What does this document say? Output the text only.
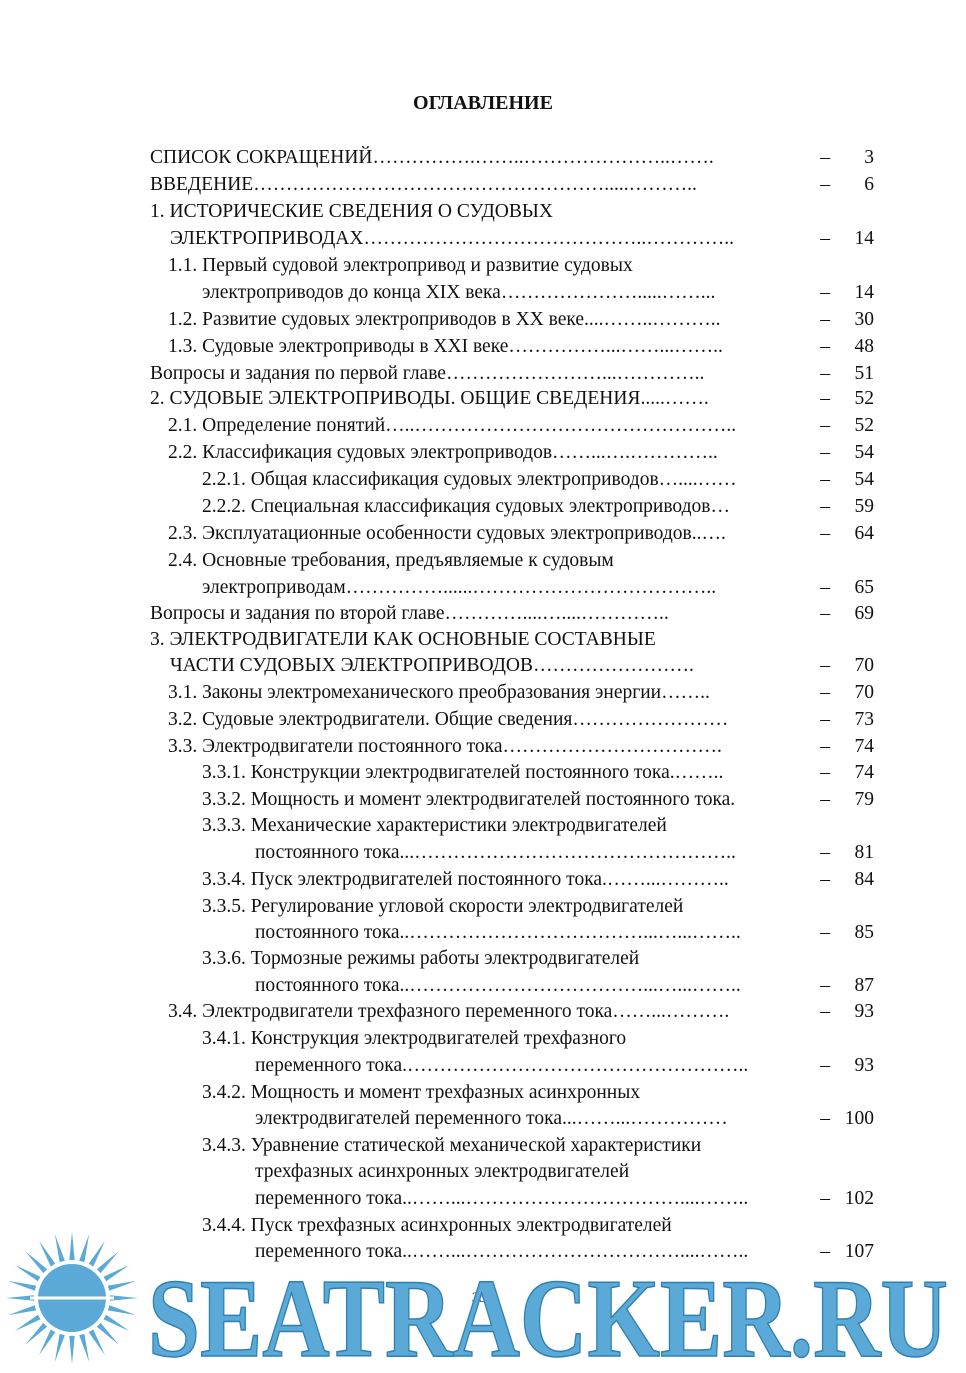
ОГЛАВЛЕНИЕ
СПИСОК СОКРАЩЕНИЙ…………….……..…………………..…….	–	3
ВВЕДЕНИЕ……………………………………………….....………..	–	6
1. ИСТОРИЧЕСКИЕ СВЕДЕНИЯ О СУДОВЫХ
ЭЛЕКТРОПРИВОДАХ……………………………………..…………..	–	14
1.1. Первый судовой электропривод и развитие судовых
электроприводов до конца XIX века………………….....……...	–	14
1.2. Развитие судовых электроприводов в XX веке....……..………..	–	30
1.3. Судовые электроприводы в XXI веке……………...……...……..	–	48
Вопросы и задания по первой главе……………………...…………..	–	51
2. СУДОВЫЕ ЭЛЕКТРОПРИВОДЫ. ОБЩИЕ СВЕДЕНИЯ.....…….	–	52
2.1. Определение понятий…..…………………………………………..	–	52
2.2. Классификация судовых электроприводов……...….…………..	–	54
2.2.1. Общая классификация судовых электроприводов…....……	–	54
2.2.2. Специальная классификация судовых электроприводов…	–	59
2.3. Эксплуатационные особенности судовых электроприводов..….	–	64
2.4. Основные требования, предъявляемые к судовым
электроприводам……………......………………………………..	–	65
Вопросы и задания по второй главе…………....…....…………..	–	69
3. ЭЛЕКТРОДВИГАТЕЛИ КАК ОСНОВНЫЕ СОСТАВНЫЕ
ЧАСТИ СУДОВЫХ ЭЛЕКТРОПРИВОДОВ…………………….	–	70
3.1. Законы электромеханического преобразования энергии……..	–	70
3.2. Судовые электродвигатели. Общие сведения……………………	–	73
3.3. Электродвигатели постоянного тока…………………………….	–	74
3.3.1. Конструкции электродвигателей постоянного тока.……..	–	74
3.3.2. Мощность и момент электродвигателей постоянного тока.	–	79
3.3.3. Механические характеристики электродвигателей
постоянного тока...…………………………………………..	–	81
3.3.4. Пуск электродвигателей постоянного тока.……...………..	–	84
3.3.5. Регулирование угловой скорости электродвигателей
постоянного тока..………………………………...…...……..	–	85
3.3.6. Тормозные режимы работы электродвигателей
постоянного тока..………………………………...…...……..	–	87
3.4. Электродвигатели трехфазного переменного тока……...……….	–	93
3.4.1. Конструкция электродвигателей трехфазного
переменного тока.……………………………………………..	–	93
3.4.2. Мощность и момент трехфазных асинхронных
электродвигателей переменного тока...……...……………	– 100
3.4.3. Уравнение статической механической характеристики
трехфазных асинхронных электродвигателей
переменного тока..……...……………………………....……..	– 102
3.4.4. Пуск трехфазных асинхронных электродвигателей
переменного тока..……...……………………………....……..	– 107
331
SEATRACKER.RU
